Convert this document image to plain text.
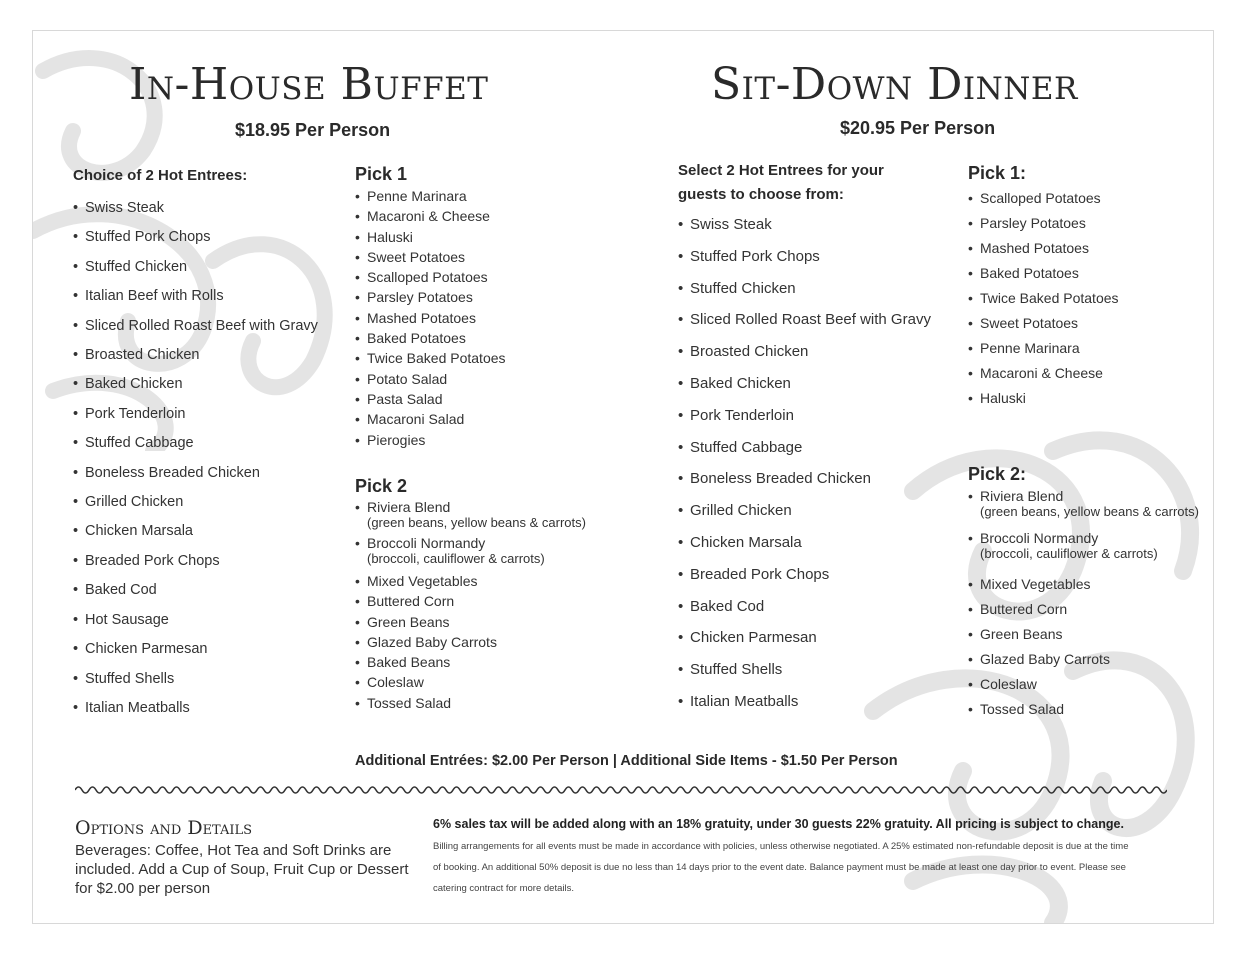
In-House Buffet
$18.95 Per Person
Choice of 2 Hot Entrees:
• Swiss Steak
• Stuffed Pork Chops
• Stuffed Chicken
• Italian Beef with Rolls
• Sliced Rolled Roast Beef with Gravy
• Broasted Chicken
• Baked Chicken
• Pork Tenderloin
• Stuffed Cabbage
• Boneless Breaded Chicken
• Grilled Chicken
• Chicken Marsala
• Breaded Pork Chops
• Baked Cod
• Hot Sausage
• Chicken Parmesan
• Stuffed Shells
• Italian Meatballs
Pick 1
• Penne Marinara
• Macaroni & Cheese
• Haluski
• Sweet Potatoes
• Scalloped Potatoes
• Parsley Potatoes
• Mashed Potatoes
• Baked Potatoes
• Twice Baked Potatoes
• Potato Salad
• Pasta Salad
• Macaroni Salad
• Pierogies
Pick 2
• Riviera Blend
(green beans, yellow beans & carrots)
• Broccoli Normandy
(broccoli, cauliflower & carrots)
• Mixed Vegetables
• Buttered Corn
• Green Beans
• Glazed Baby Carrots
• Baked Beans
• Coleslaw
• Tossed Salad
Sit-Down Dinner
$20.95 Per Person
Select 2 Hot Entrees for your
guests to choose from:
• Swiss Steak
• Stuffed Pork Chops
• Stuffed Chicken
• Sliced Rolled Roast Beef with Gravy
• Broasted Chicken
• Baked Chicken
• Pork Tenderloin
• Stuffed Cabbage
• Boneless Breaded Chicken
• Grilled Chicken
• Chicken Marsala
• Breaded Pork Chops
• Baked Cod
• Chicken Parmesan
• Stuffed Shells
• Italian Meatballs
Pick 1:
• Scalloped Potatoes
• Parsley Potatoes
• Mashed Potatoes
• Baked Potatoes
• Twice Baked Potatoes
• Sweet Potatoes
• Penne Marinara
• Macaroni & Cheese
• Haluski
Pick 2:
• Riviera Blend
(green beans, yellow beans & carrots)
• Broccoli Normandy
(broccoli, cauliflower & carrots)
• Mixed Vegetables
• Buttered Corn
• Green Beans
• Glazed Baby Carrots
• Coleslaw
• Tossed Salad
Additional Entrées: $2.00 Per Person | Additional Side Items - $1.50 Per Person
Options and Details
Beverages: Coffee, Hot Tea and Soft Drinks are included. Add a Cup of Soup, Fruit Cup or Dessert for $2.00 per person
6% sales tax will be added along with an 18% gratuity, under 30 guests 22% gratuity. All pricing is subject to change. Billing arrangements for all events must be made in accordance with policies, unless otherwise negotiated. A 25% estimated non-refundable deposit is due at the time of booking. An additional 50% deposit is due no less than 14 days prior to the event date. Balance payment must be made at least one day prior to event. Please see catering contract for more details.
